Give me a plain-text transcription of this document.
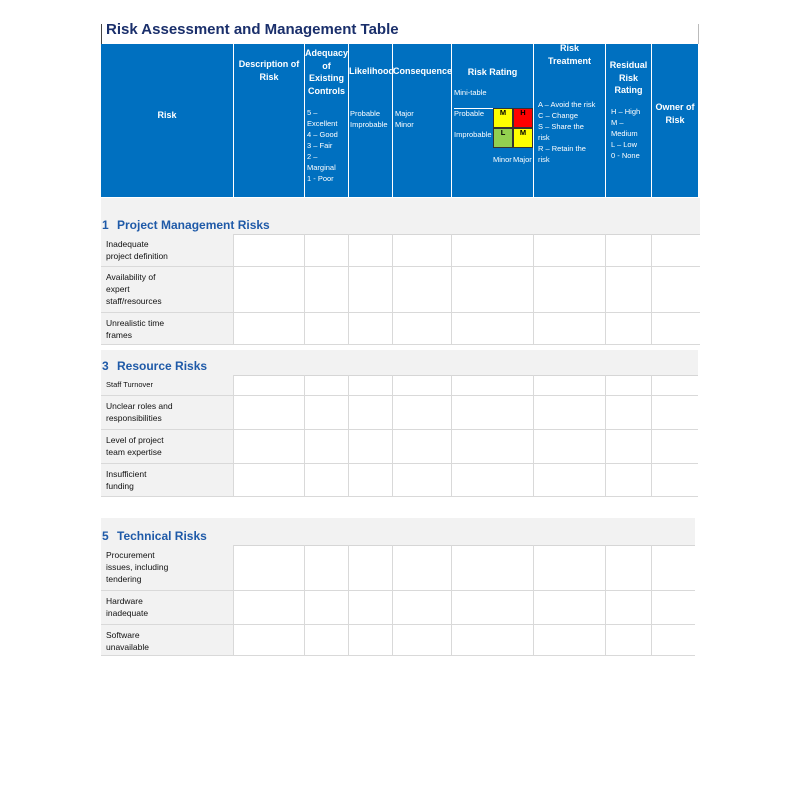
Risk Assessment and Management Table
Risk
Description of
Risk
Adequacy
of
Existing
Controls
5 –
Excellent
4 – Good
3 – Fair
2 –
Marginal
1 - Poor
Likelihood
Probable
Improbable
Consequence
Major
Minor
Risk Rating
Mini-table
Probable
Improbable
M	H
L	M
Minor Major
Risk
Treatment
A – Avoid the risk
C – Change
S – Share the
risk
R – Retain the
risk
Residual
Risk
Rating
H – High
M –
Medium
L – Low
0 - None
Owner of
Risk
1 Project Management Risks
Inadequate
project definition
Availability of
expert
staff/resources
Unrealistic time
frames
3 Resource Risks
Staff Turnover
Unclear roles and
responsibilities
Level of project
team expertise
Insufficient
funding
5 Technical Risks
Procurement
issues, including
tendering
Hardware
inadequate
Software
unavailable
